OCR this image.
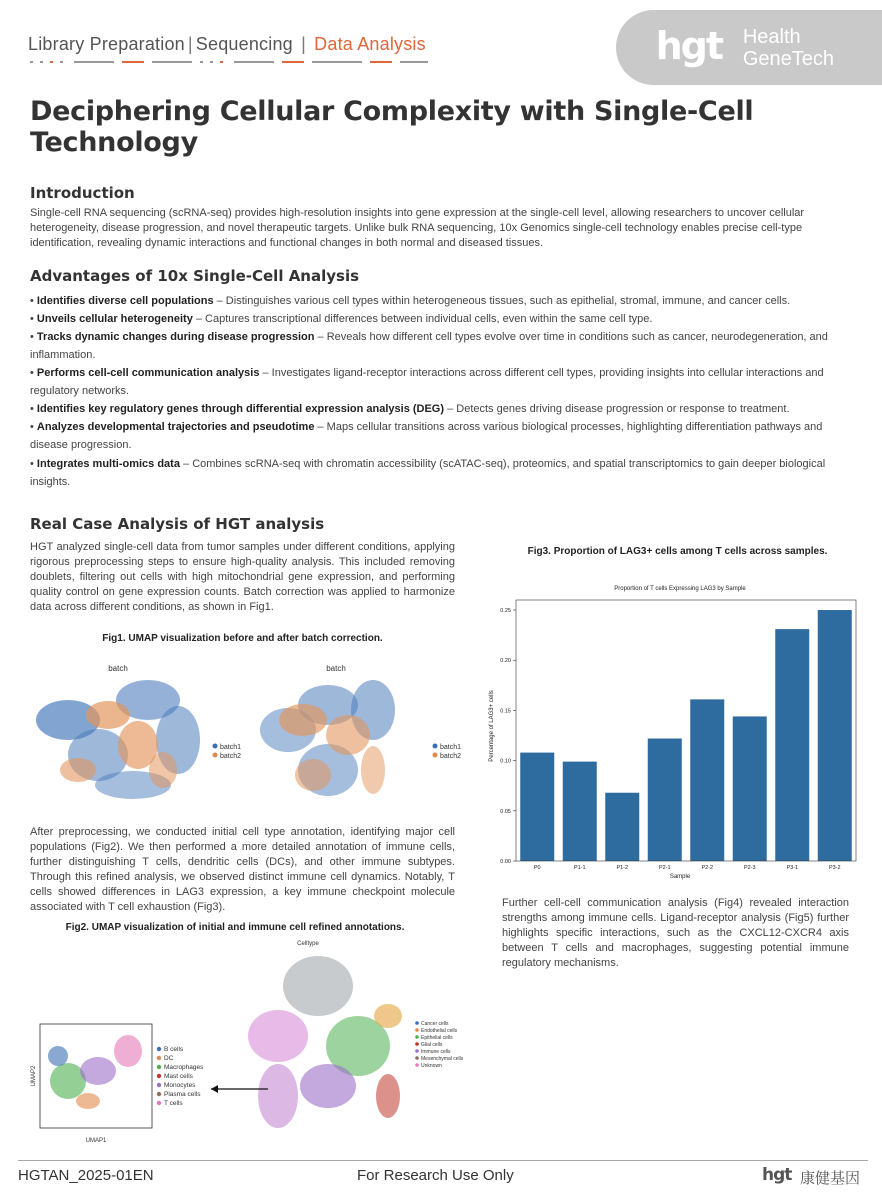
Library Preparation | Sequencing | Data Analysis	hgt Health
GeneTech
Deciphering Cellular Complexity with Single-Cell Technology
Introduction
Single-cell RNA sequencing (scRNA-seq) provides high-resolution insights into gene expression at the single-cell level, allowing researchers to uncover cellular heterogeneity, disease progression, and novel therapeutic targets. Unlike bulk RNA sequencing, 10x Genomics single-cell technology enables precise cell-type identification, revealing dynamic interactions and functional changes in both normal and diseased tissues.
Advantages of 10x Single-Cell Analysis
• Identifies diverse cell populations – Distinguishes various cell types within heterogeneous tissues, such as epithelial, stromal, immune, and cancer cells.
• Unveils cellular heterogeneity – Captures transcriptional differences between individual cells, even within the same cell type.
• Tracks dynamic changes during disease progression – Reveals how different cell types evolve over time in conditions such as cancer, neurodegeneration, and inflammation.
• Performs cell-cell communication analysis – Investigates ligand-receptor interactions across different cell types, providing insights into cellular interactions and regulatory networks.
• Identifies key regulatory genes through differential expression analysis (DEG) – Detects genes driving disease progression or response to treatment.
• Analyzes developmental trajectories and pseudotime – Maps cellular transitions across various biological processes, highlighting differentiation pathways and disease progression.
• Integrates multi-omics data – Combines scRNA-seq with chromatin accessibility (scATAC-seq), proteomics, and spatial transcriptomics to gain deeper biological insights.
Real Case Analysis of HGT analysis
HGT analyzed single-cell data from tumor samples under different conditions, applying rigorous preprocessing steps to ensure high-quality analysis. This included removing doublets, filtering out cells with high mitochondrial gene expression, and performing quality control on gene expression counts. Batch correction was applied to harmonize data across different conditions, as shown in Fig1.
Fig1. UMAP visualization before and after batch correction.
batch	batch
batch1
batch2
batch1
batch2
After preprocessing, we conducted initial cell type annotation, identifying major cell populations (Fig2). We then performed a more detailed annotation of immune cells, further distinguishing T cells, dendritic cells (DCs), and other immune subtypes. Through this refined analysis, we observed distinct immune cell dynamics. Notably, T cells showed differences in LAG3 expression, a key immune checkpoint molecule associated with T cell exhaustion (Fig3).
Fig2. UMAP visualization of initial and immune cell refined annotations.
Celltype
UMAP1
UMAP2
B cells
DC
Macrophages
Mast cells
Monocytes
Plasma cells
T cells
Cancer cells
Endothelial cells
Epithelial cells
Glial cells
Immune cells
Mesenchymal cells
Unknown
Fig3. Proportion of LAG3+ cells among T cells across samples.
Proportion of T cells Expressing LAG3 by Sample
0.00
0.05
0.10
0.15
0.20
0.25
P0	P1-1	P1-2	P2-1	P2-2	P2-3	P3-1	P3-2
Sample
Percentage of LAG3+ cells
Further cell-cell communication analysis (Fig4) revealed interaction strengths among immune cells. Ligand-receptor analysis (Fig5) further highlights specific interactions, such as the CXCL12-CXCR4 axis between T cells and macrophages, suggesting potential immune regulatory mechanisms.
HGTAN_2025-01EN	For Research Use Only	hgt 康健基因
